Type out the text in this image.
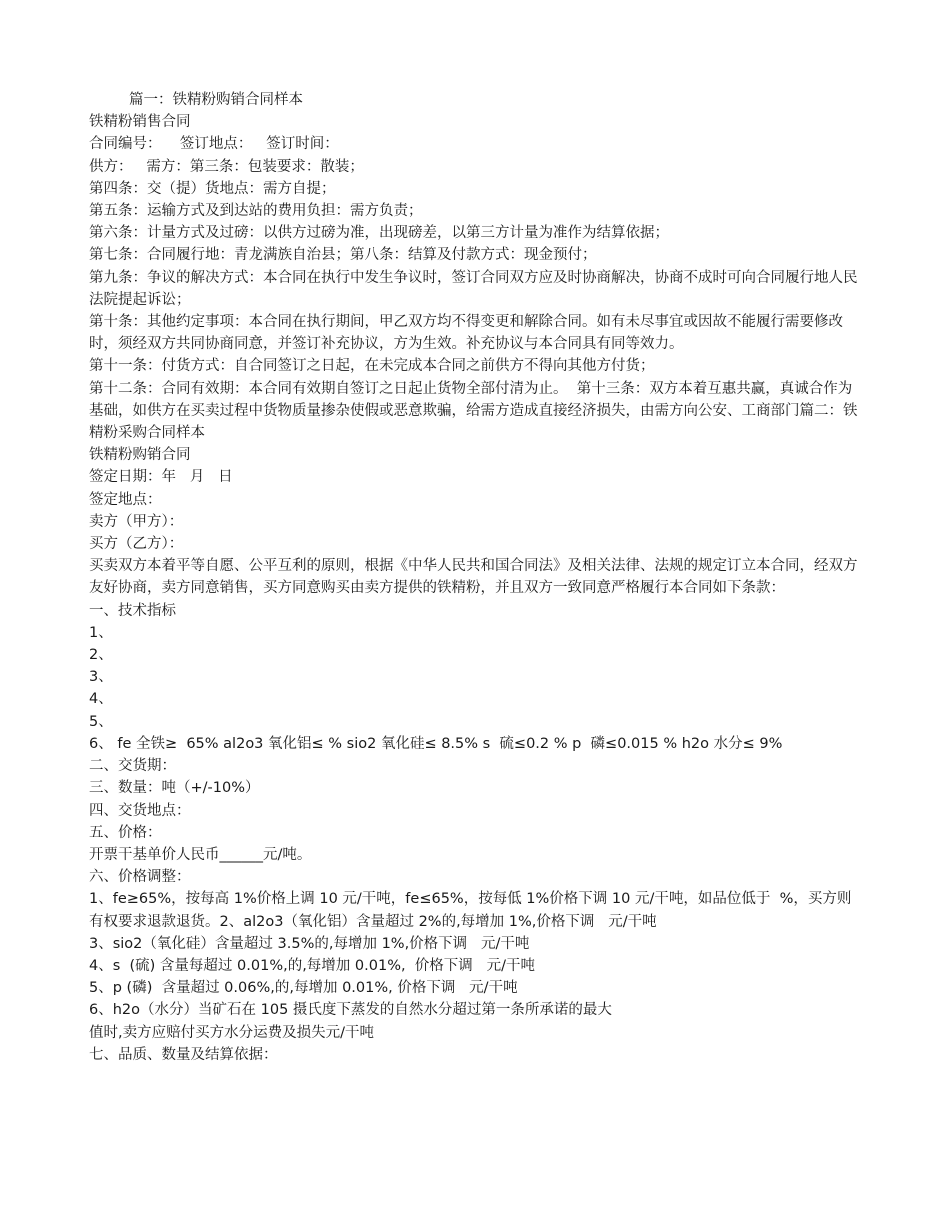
篇一：铁精粉购销合同样本

铁精粉销售合同

合同编号：    签订地点：   签订时间：

供方：   需方：第三条：包装要求：散装；

第四条：交（提）货地点：需方自提；

第五条：运输方式及到达站的费用负担：需方负责；

第六条：计量方式及过磅：以供方过磅为准，出现磅差，以第三方计量为准作为结算依据；

第七条：合同履行地：青龙满族自治县；第八条：结算及付款方式：现金预付；

第九条：争议的解决方式：本合同在执行中发生争议时，签订合同双方应及时协商解决，协商不成时可向合同履行地人民法院提起诉讼；

第十条：其他约定事项：本合同在执行期间，甲乙双方均不得变更和解除合同。如有未尽事宜或因故不能履行需要修改时，须经双方共同协商同意，并签订补充协议，方为生效。补充协议与本合同具有同等效力。

第十一条：付货方式：自合同签订之日起，在未完成本合同之前供方不得向其他方付货；

第十二条：合同有效期：本合同有效期自签订之日起止货物全部付清为止。  第十三条：双方本着互惠共赢，真诚合作为基础，如供方在买卖过程中货物质量掺杂使假或恶意欺骗，给需方造成直接经济损失，由需方向公安、工商部门篇二：铁精粉采购合同样本

铁精粉购销合同

签定日期：年   月   日

签定地点：

卖方（甲方）：

买方（乙方）：

买卖双方本着平等自愿、公平互利的原则，根据《中华人民共和国合同法》及相关法律、法规的规定订立本合同，经双方友好协商，卖方同意销售，买方同意购买由卖方提供的铁精粉，并且双方一致同意严格履行本合同如下条款：

一、技术指标

1、

2、

3、

4、

5、

6、 fe 全铁≥  65% al2o3 氧化铝≤ % sio2 氧化硅≤ 8.5% s  硫≤0.2 % p  磷≤0.015 % h2o 水分≤ 9%

二、交货期：

三、数量：吨（+/-10%）

四、交货地点：

五、价格：

开票干基单价人民币______元/吨。

六、价格调整：

1、fe≥65%，按每高 1%价格上调 10 元/干吨，fe≤65%，按每低 1%价格下调 10 元/干吨，如品位低于  %，买方则有权要求退款退货。2、al2o3（氧化铝）含量超过 2%的,每增加 1%,价格下调   元/干吨

3、sio2（氧化硅）含量超过 3.5%的,每增加 1%,价格下调   元/干吨

4、s  (硫) 含量每超过 0.01%,的,每增加 0.01%,  价格下调   元/干吨

5、p (磷)  含量超过 0.06%,的,每增加 0.01%, 价格下调   元/干吨

6、h2o（水分）当矿石在 105 摄氏度下蒸发的自然水分超过第一条所承诺的最大

值时,卖方应赔付买方水分运费及损失元/干吨

七、品质、数量及结算依据：
